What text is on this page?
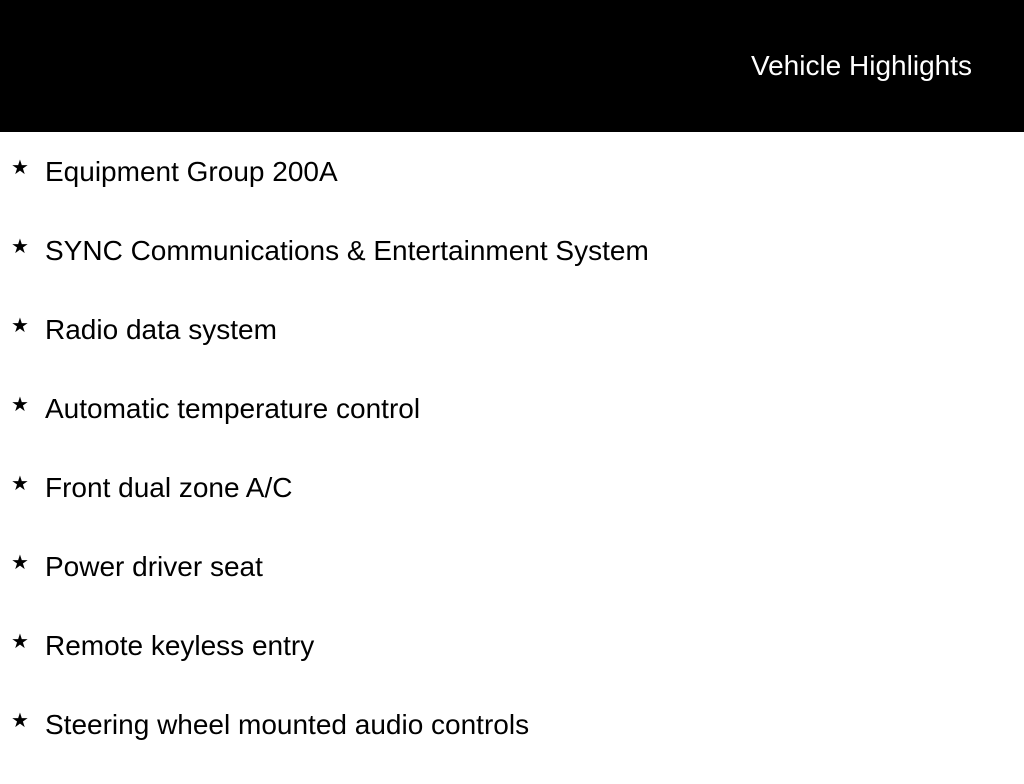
Vehicle Highlights
★ Equipment Group 200A
★ SYNC Communications & Entertainment System
★ Radio data system
★ Automatic temperature control
★ Front dual zone A/C
★ Power driver seat
★ Remote keyless entry
★ Steering wheel mounted audio controls
